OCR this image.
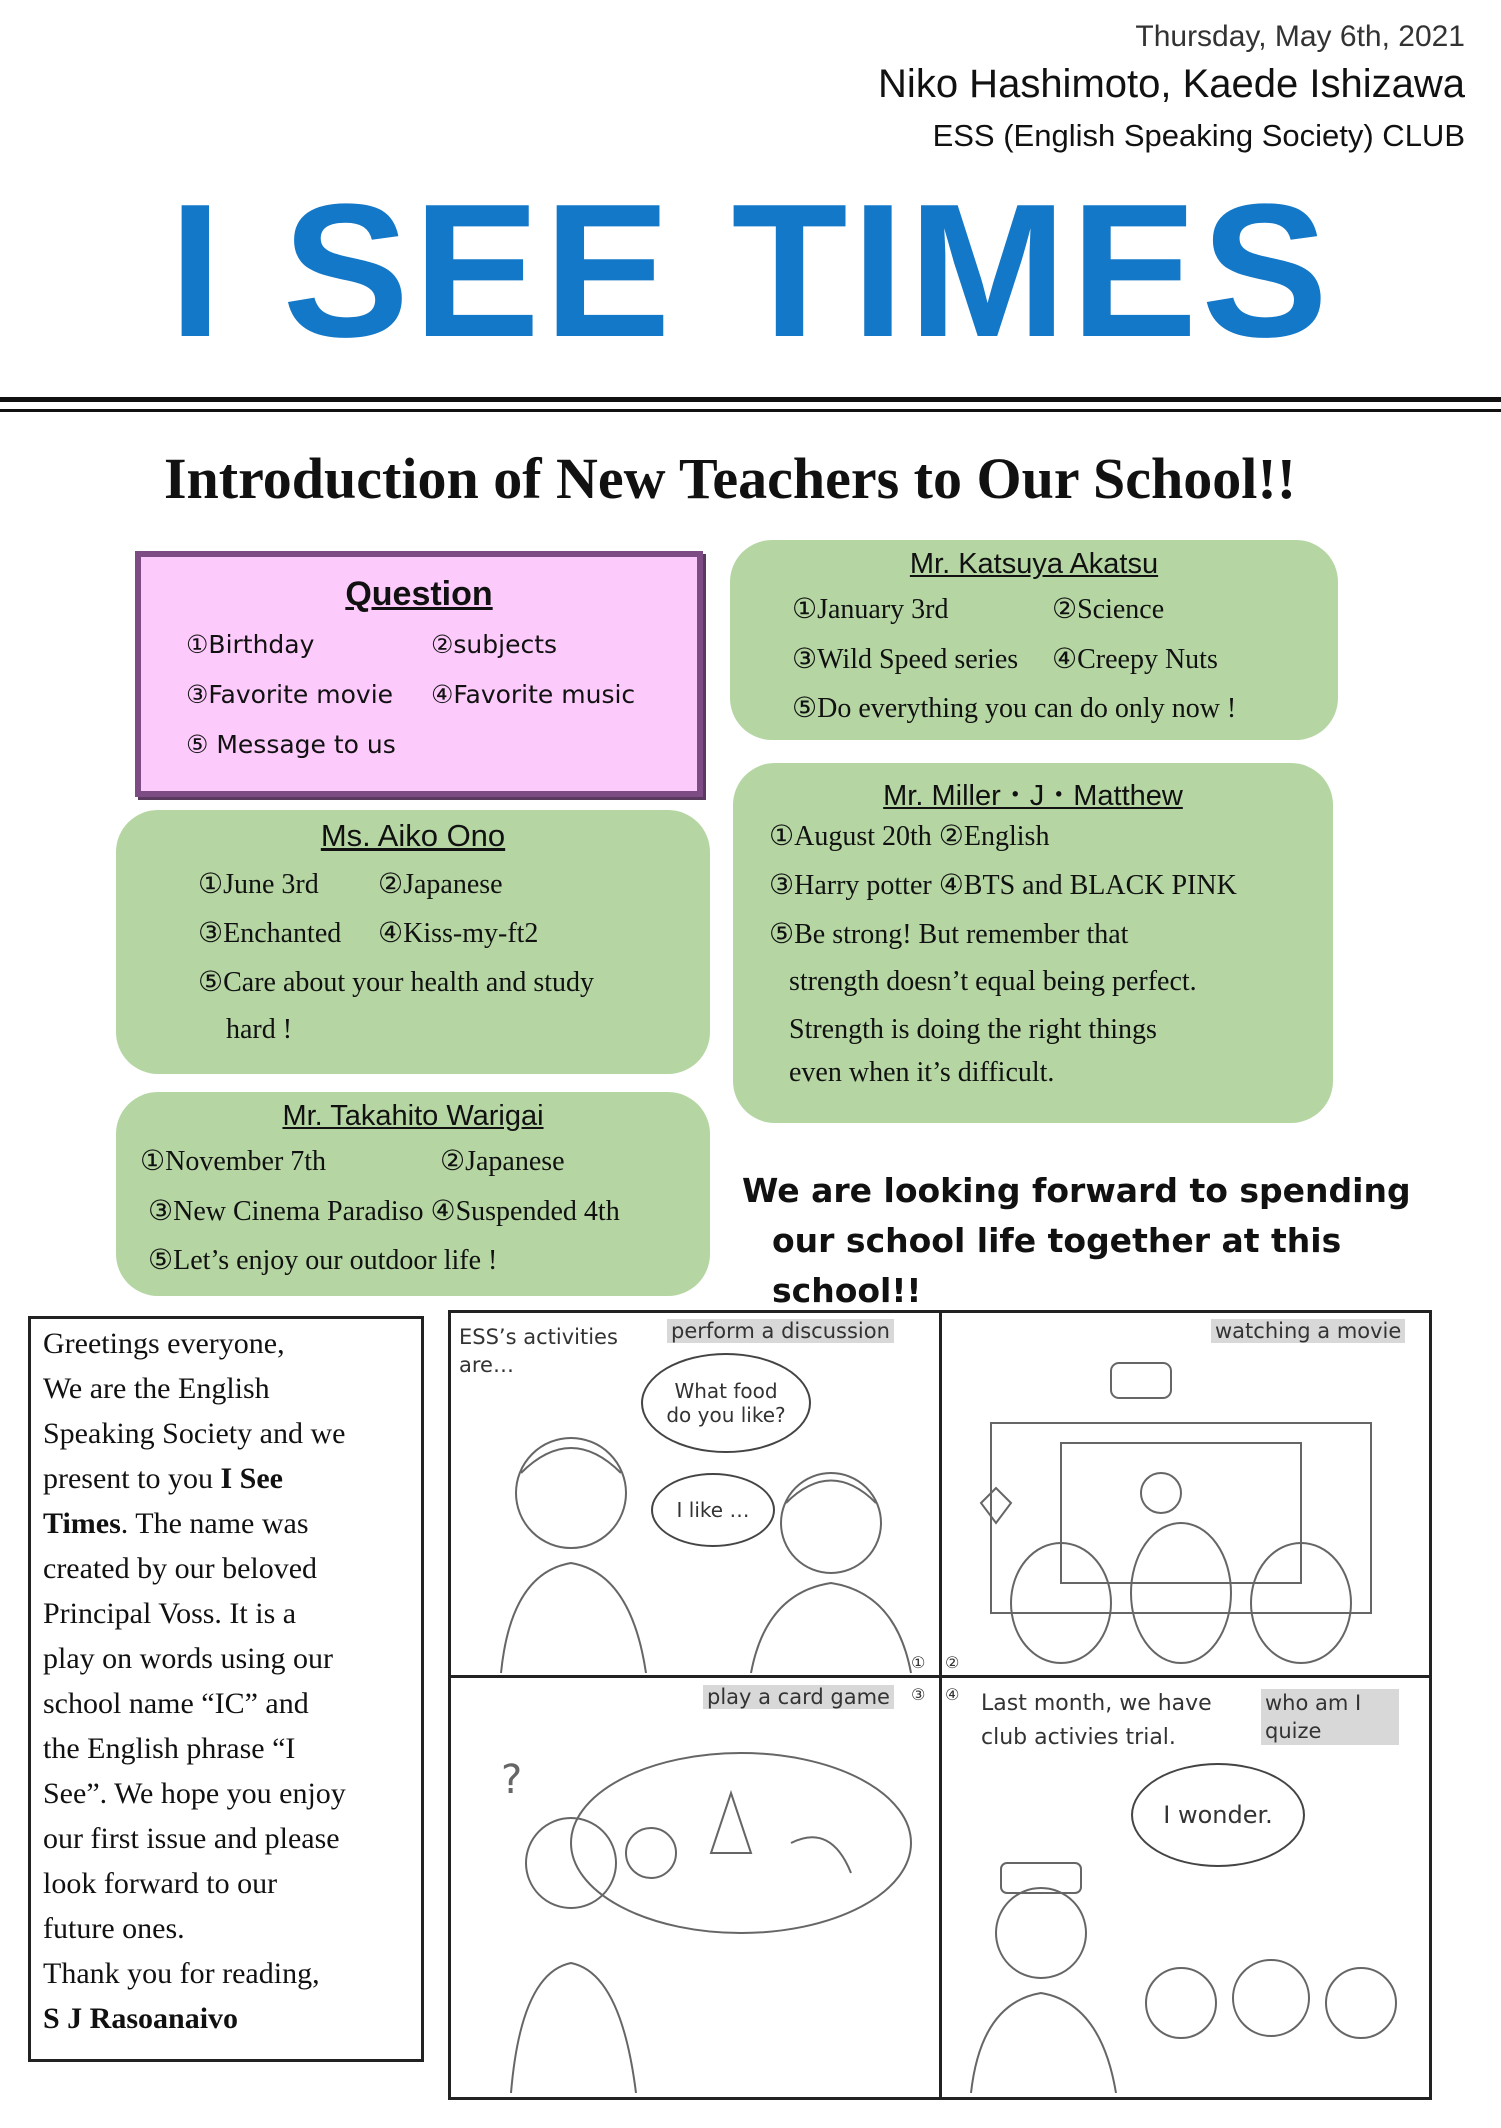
Thursday, May 6th, 2021
Niko Hashimoto, Kaede Ishizawa
ESS (English Speaking Society) CLUB
I SEE TIMES
Introduction of New Teachers to Our School!!
Question
①Birthday	②subjects
③Favorite movie ④Favorite music
⑤ Message to us
Mr. Katsuya Akatsu
①January 3rd	②Science
③Wild Speed series ④Creepy Nuts
⑤Do everything you can do only now !
Mr. Miller・J・Matthew
①August 20th ②English
③Harry potter ④BTS and BLACK PINK
⑤Be strong! But remember that
strength doesn’t equal being perfect.
Strength is doing the right things
even when it’s difficult.
Ms. Aiko Ono
①June 3rd ②Japanese
③Enchanted ④Kiss-my-ft2
⑤Care about your health and study
hard !
Mr. Takahito Warigai
①November 7th	②Japanese
③New Cinema Paradiso ④Suspended 4th
⑤Let’s enjoy our outdoor life !
We are looking forward to spending
our school life together at this school!!
Greetings everyone,
We are the English
Speaking Society and we
present to you I See
Times. The name was
created by our beloved
Principal Voss. It is a
play on words using our
school name “IC” and
the English phrase “I
See”. We hope you enjoy
our first issue and please
look forward to our
future ones.
Thank you for reading,
S J Rasoanaivo
ESS’s activities are…
perform a discussion
What food do you like?
I like …
①
watching a movie
②
play a card game ③
?
④ Last month, we have club activies trial.
who am I quize
I wonder.
